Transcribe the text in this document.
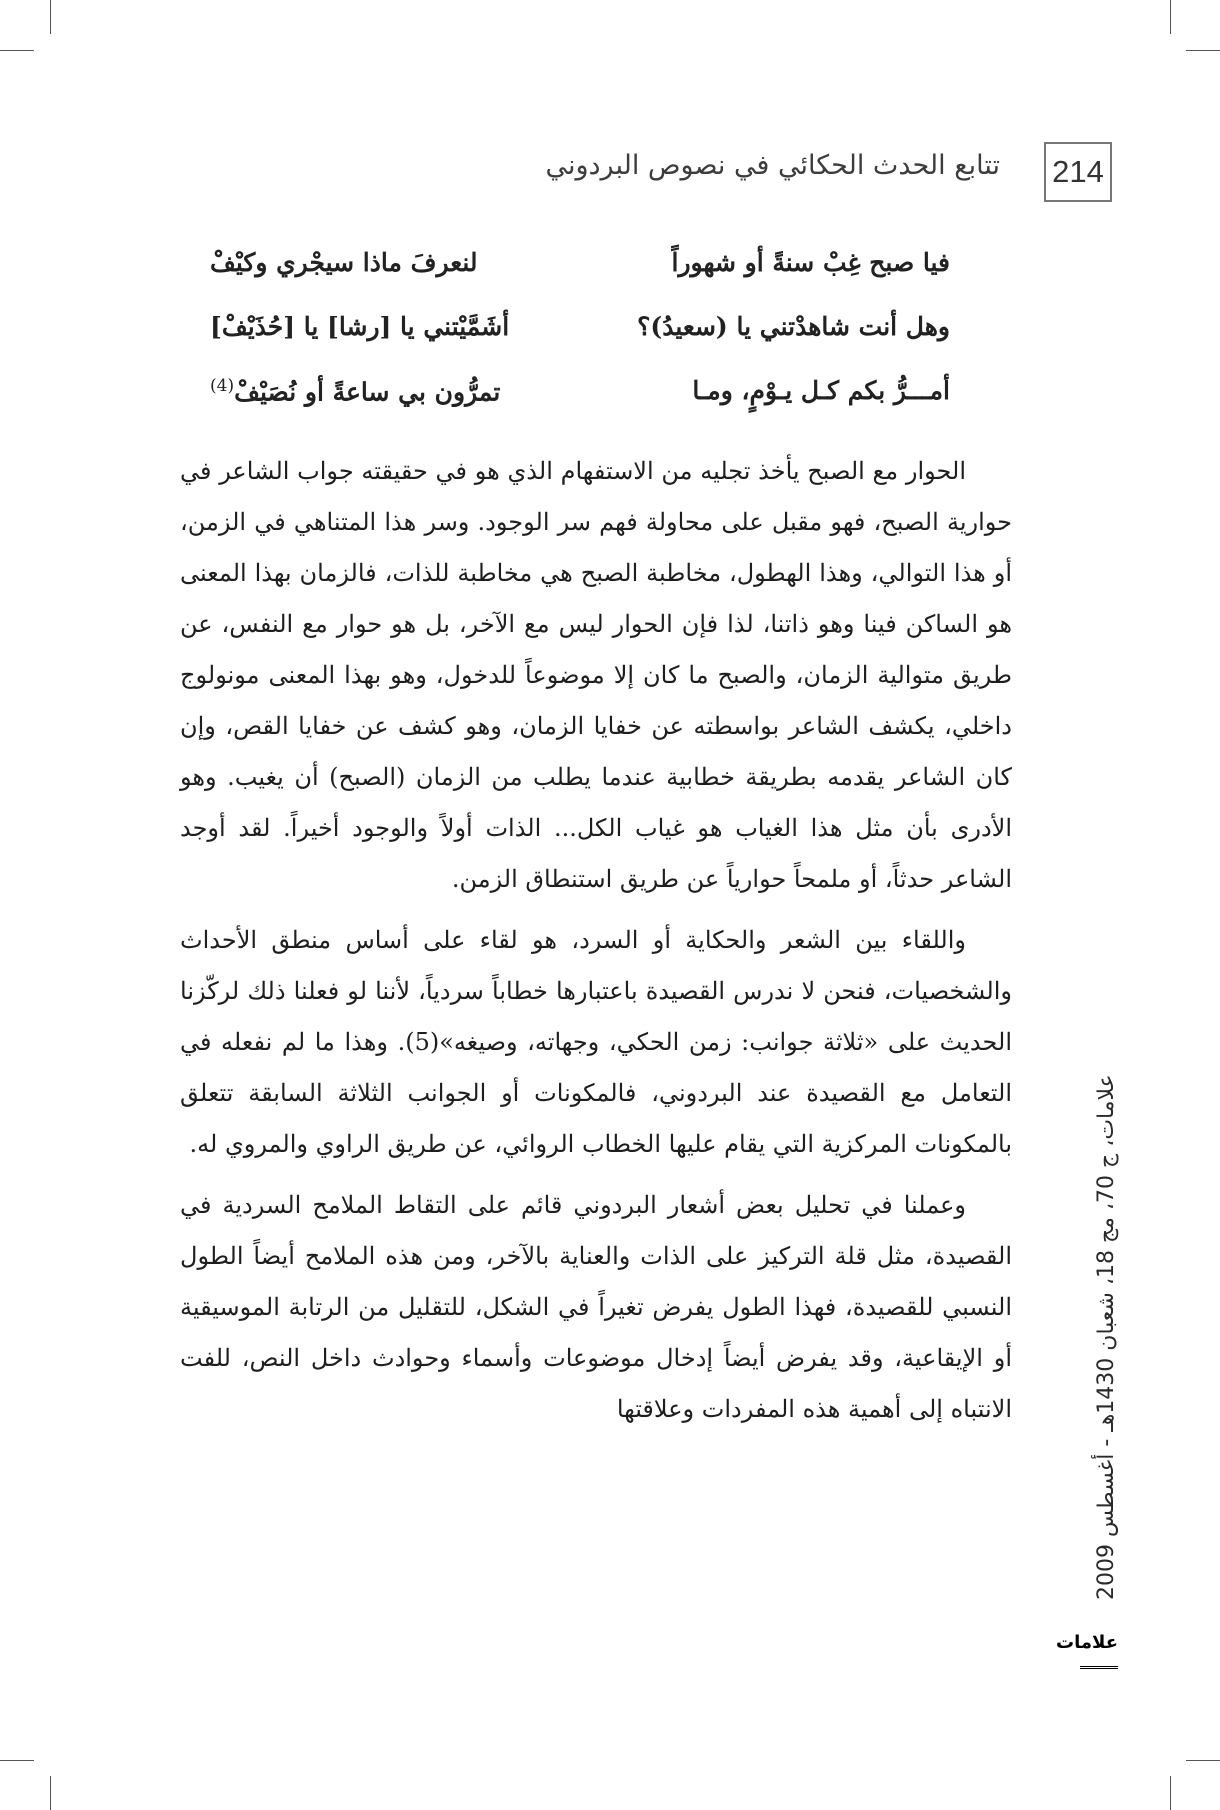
214
تتابع الحدث الحكائي في نصوص البردوني
فيا صبح غِبْ سنةً أو شهوراً
لنعرفَ ماذا سيجْري وكيْفْ
وهل أنت شاهدْتني يا (سعيدُ)؟
أشَمَّيْتني يا [رشا] يا [حُذَيْفْ]
أمـــرُّ بكم كـل يـوْمٍ، ومـا
تمرُّون بي ساعةً أو نُصَيْفْ$^{(4)}$

الحوار مع الصبح يأخذ تجليه من الاستفهام الذي هو في حقيقته جواب الشاعر في حوارية الصبح، فهو مقبل على محاولة فهم سر الوجود. وسر هذا المتناهي في الزمن، أو هذا التوالي، وهذا الهطول، مخاطبة الصبح هي مخاطبة للذات، فالزمان بهذا المعنى هو الساكن فينا وهو ذاتنا، لذا فإن الحوار ليس مع الآخر، بل هو حوار مع النفس، عن طريق متوالية الزمان، والصبح ما كان إلا موضوعاً للدخول، وهو بهذا المعنى مونولوج داخلي، يكشف الشاعر بواسطته عن خفايا الزمان، وهو كشف عن خفايا القص، وإن كان الشاعر يقدمه بطريقة خطابية عندما يطلب من الزمان (الصبح) أن يغيب. وهو الأدرى بأن مثل هذا الغياب هو غياب الكل... الذات أولاً والوجود أخيراً. لقد أوجد الشاعر حدثاً، أو ملمحاً حوارياً عن طريق استنطاق الزمن.

واللقاء بين الشعر والحكاية أو السرد، هو لقاء على أساس منطق الأحداث والشخصيات، فنحن لا ندرس القصيدة باعتبارها خطاباً سردياً، لأننا لو فعلنا ذلك لركّزنا الحديث على «ثلاثة جوانب: زمن الحكي، وجهاته، وصيغه»(5). وهذا ما لم نفعله في التعامل مع القصيدة عند البردوني، فالمكونات أو الجوانب الثلاثة السابقة تتعلق بالمكونات المركزية التي يقام عليها الخطاب الروائي، عن طريق الراوي والمروي له.

وعملنا في تحليل بعض أشعار البردوني قائم على التقاط الملامح السردية في القصيدة، مثل قلة التركيز على الذات والعناية بالآخر، ومن هذه الملامح أيضاً الطول النسبي للقصيدة، فهذا الطول يفرض تغيراً في الشكل، للتقليل من الرتابة الموسيقية أو الإيقاعية، وقد يفرض أيضاً إدخال موضوعات وأسماء وحوادث داخل النص، للفت الانتباه إلى أهمية هذه المفردات وعلاقتها

علامات، ج 70، مج 18، شعبان 1430هـ - أغسطس 2009
علامات
